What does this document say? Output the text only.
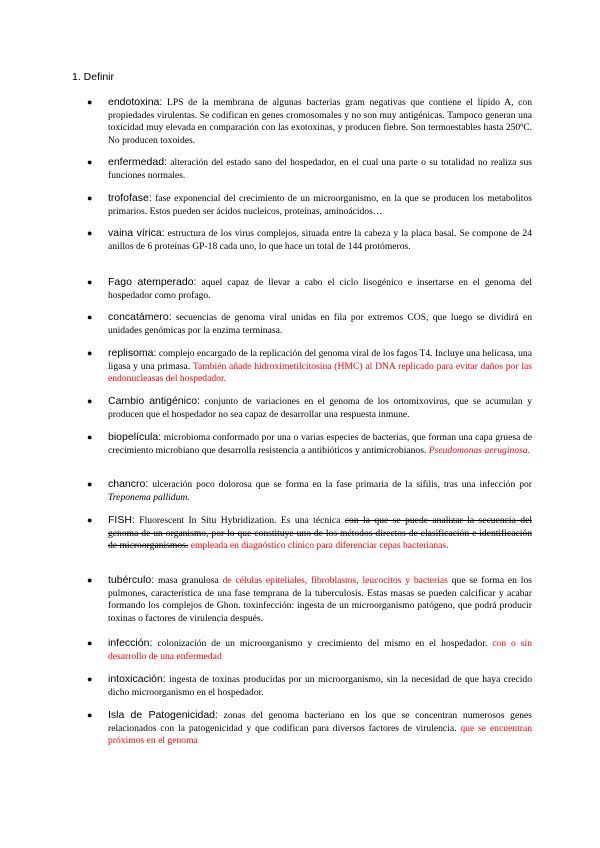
1. Definir
● endotoxina: LPS de la membrana de algunas bacterias gram negativas que contiene el lípido A, con propiedades virulentas. Se codifican en genes cromosomales y no son muy antigénicas. Tampoco generan una toxicidad muy elevada en comparación con las exotoxinas, y producen fiebre. Son termoestables hasta 250ºC. No producen toxoides.
● enfermedad: alteración del estado sano del hospedador, en el cual una parte o su totalidad no realiza sus funciones normales.
● trofofase: fase exponencial del crecimiento de un microorganismo, en la que se producen los metabolitos primarios. Estos pueden ser ácidos nucleicos, proteínas, aminoácidos…
● vaina vírica: estructura de los virus complejos, situada entre la cabeza y la placa basal. Se compone de 24 anillos de 6 proteínas GP-18 cada uno, lo que hace un total de 144 protómeros.
● Fago atemperado: aquel capaz de llevar a cabo el ciclo lisogénico e insertarse en el genoma del hospedador como profago.
● concatámero: secuencias de genoma viral unidas en fila por extremos COS, que luego se dividirá en unidades genómicas por la enzima terminasa.
● replisoma: complejo encargado de la replicación del genoma viral de los fagos T4. Incluye una helicasa, una ligasa y una primasa. También añade hidroximetilcitosina (HMC) al DNA replicado para evitar daños por las endonucleasas del hospedador.
● Cambio antigénico: conjunto de variaciones en el genoma de los ortomixovirus, que se acumulan y producen que el hospedador no sea capaz de desarrollar una respuesta inmune.
● biopelícula: microbioma conformado por una o varias especies de bacterias, que forman una capa gruesa de crecimiento microbiano que desarrolla resistencia a antibióticos y antimicrobianos. Pseudomonas aeruginosa.
● chancro: ulceración poco dolorosa que se forma en la fase primaria de la sífilis, tras una infección por Treponema pallidum.
● FISH: Fluorescent In Situ Hybridization. Es una técnica con la que se puede analizar la secuencia del genoma de un organismo, por lo que constituye uno de los métodos directos de clasificación e identificación de microorganismos. empleada en diagnóstico clínico para diferenciar cepas bacterianas.
● tubérculo: masa granulosa de células epiteliales, fibroblastos, leucocitos y bacterias que se forma en los pulmones, característica de una fase temprana de la tuberculosis. Estas masas se pueden calcificar y acabar formando los complejos de Ghon. toxinfección: ingesta de un microorganismo patógeno, que podrá producir toxinas o factores de virulencia después.
● infección: colonización de un microorganismo y crecimiento del mismo en el hospedador. con o sin desarrollo de una enfermedad
● intoxicación: ingesta de toxinas producidas por un microorganismo, sin la necesidad de que haya crecido dicho microorganismo en el hospedador.
● Isla de Patogenicidad: zonas del genoma bacteriano en los que se concentran numerosos genes relacionados con la patogenicidad y que codifican para diversos factores de virulencia. que se encuentran próximos en el genoma
